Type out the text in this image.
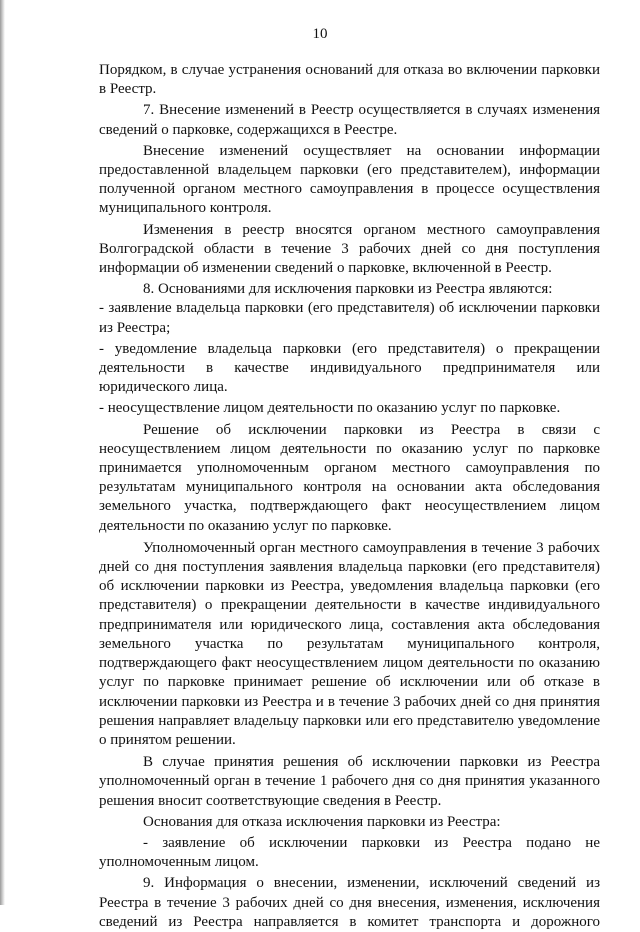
10

Порядком, в случае устранения оснований для отказа во включении парковки в Реестр.

7. Внесение изменений в Реестр осуществляется в случаях изменения сведений о парковке, содержащихся в Реестре.

Внесение изменений осуществляет на основании информации предоставленной владельцем парковки (его представителем), информации полученной органом местного самоуправления в процессе осуществления муниципального контроля.

Изменения в реестр вносятся органом местного самоуправления Волгоградской области в течение 3 рабочих дней со дня поступления информации об изменении сведений о парковке, включенной в Реестр.

8. Основаниями для исключения парковки из Реестра являются:

- заявление владельца парковки (его представителя) об исключении парковки из Реестра;

- уведомление владельца парковки (его представителя) о прекращении деятельности в качестве индивидуального предпринимателя или юридического лица.

- неосуществление лицом деятельности по оказанию услуг по парковке.

Решение об исключении парковки из Реестра в связи с неосуществлением лицом деятельности по оказанию услуг по парковке принимается уполномоченным органом местного самоуправления по результатам муниципального контроля на основании акта обследования земельного участка, подтверждающего факт неосуществлением лицом деятельности по оказанию услуг по парковке.

Уполномоченный орган местного самоуправления в течение 3 рабочих дней со дня поступления заявления владельца парковки (его представителя) об исключении парковки из Реестра, уведомления владельца парковки (его представителя) о прекращении деятельности в качестве индивидуального предпринимателя или юридического лица, составления акта обследования земельного участка по результатам муниципального контроля, подтверждающего факт неосуществлением лицом деятельности по оказанию услуг по парковке принимает решение об исключении или об отказе в исключении парковки из Реестра и в течение 3 рабочих дней со дня принятия решения направляет владельцу парковки или его представителю уведомление о принятом решении.

В случае принятия решения об исключении парковки из Реестра уполномоченный орган в течение 1 рабочего дня со дня принятия указанного решения вносит соответствующие сведения в Реестр.

Основания для отказа исключения парковки из Реестра:

- заявление об исключении парковки из Реестра подано не уполномоченным лицом.

9. Информация о внесении, изменении, исключений сведений из Реестра в течение 3 рабочих дней со дня внесения, изменения, исключения сведений из Реестра направляется в комитет транспорта и дорожного
